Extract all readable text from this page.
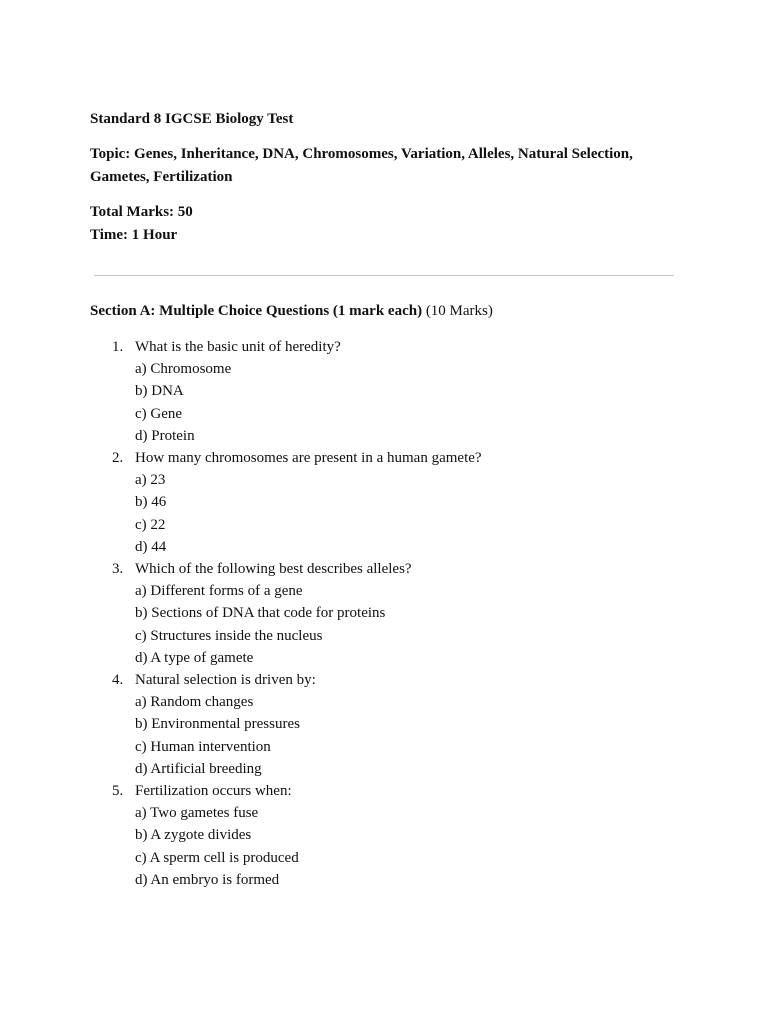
Standard 8 IGCSE Biology Test

Topic: Genes, Inheritance, DNA, Chromosomes, Variation, Alleles, Natural Selection, Gametes, Fertilization

Total Marks: 50
Time: 1 Hour

Section A: Multiple Choice Questions (1 mark each) (10 Marks)

1. What is the basic unit of heredity?
a) Chromosome
b) DNA
c) Gene
d) Protein
2. How many chromosomes are present in a human gamete?
a) 23
b) 46
c) 22
d) 44
3. Which of the following best describes alleles?
a) Different forms of a gene
b) Sections of DNA that code for proteins
c) Structures inside the nucleus
d) A type of gamete
4. Natural selection is driven by:
a) Random changes
b) Environmental pressures
c) Human intervention
d) Artificial breeding
5. Fertilization occurs when:
a) Two gametes fuse
b) A zygote divides
c) A sperm cell is produced
d) An embryo is formed
